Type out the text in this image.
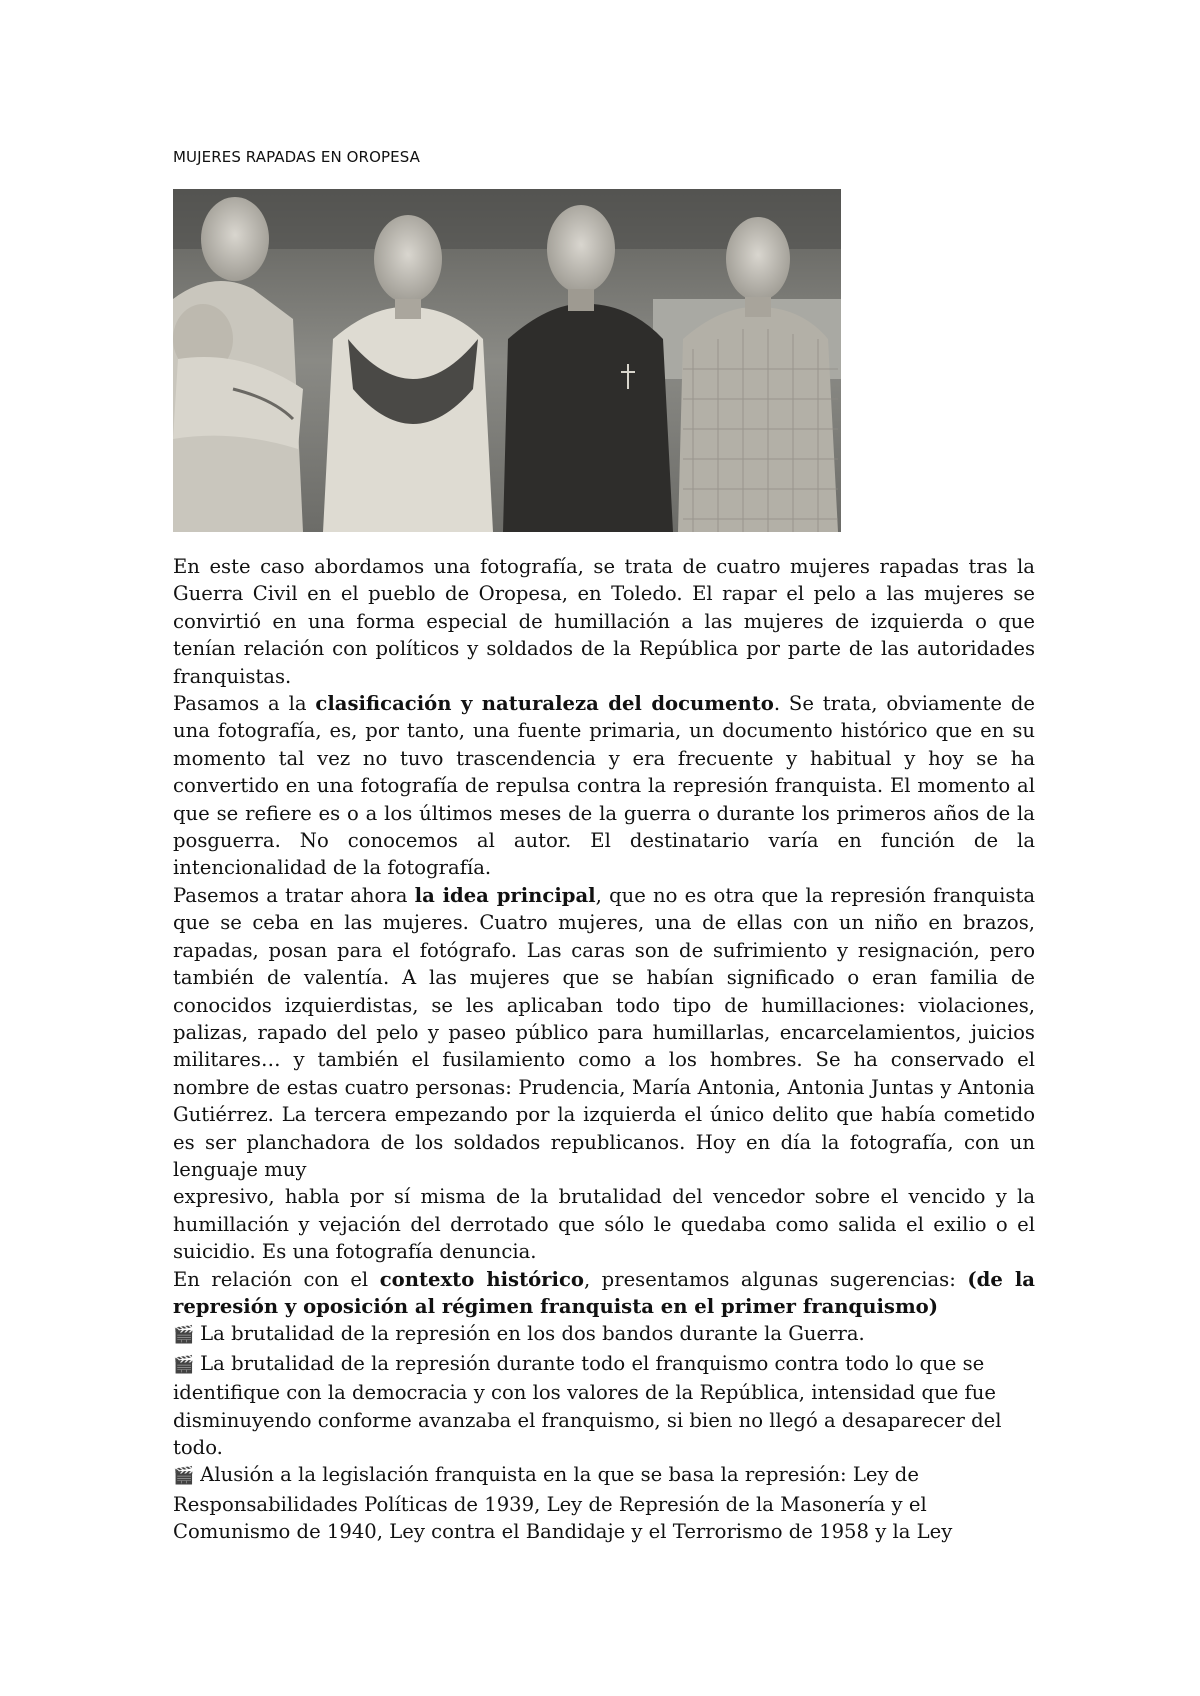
MUJERES RAPADAS EN OROPESA

En este caso abordamos una fotografía, se trata de cuatro mujeres rapadas tras la Guerra Civil en el pueblo de Oropesa, en Toledo. El rapar el pelo a las mujeres se convirtió en una forma especial de humillación a las mujeres de izquierda o que tenían relación con políticos y soldados de la República por parte de las autoridades franquistas.

Pasamos a la clasificación y naturaleza del documento. Se trata, obviamente de una fotografía, es, por tanto, una fuente primaria, un documento histórico que en su momento tal vez no tuvo trascendencia y era frecuente y habitual y hoy se ha convertido en una fotografía de repulsa contra la represión franquista. El momento al que se refiere es o a los últimos meses de la guerra o durante los primeros años de la posguerra. No conocemos al autor. El destinatario varía en función de la intencionalidad de la fotografía.

Pasemos a tratar ahora la idea principal, que no es otra que la represión franquista que se ceba en las mujeres. Cuatro mujeres, una de ellas con un niño en brazos, rapadas, posan para el fotógrafo. Las caras son de sufrimiento y resignación, pero también de valentía. A las mujeres que se habían significado o eran familia de conocidos izquierdistas, se les aplicaban todo tipo de humillaciones: violaciones, palizas, rapado del pelo y paseo público para humillarlas, encarcelamientos, juicios militares… y también el fusilamiento como a los hombres. Se ha conservado el nombre de estas cuatro personas: Prudencia, María Antonia, Antonia Juntas y Antonia Gutiérrez. La tercera empezando por la izquierda el único delito que había cometido es ser planchadora de los soldados republicanos. Hoy en día la fotografía, con un lenguaje muy

expresivo, habla por sí misma de la brutalidad del vencedor sobre el vencido y la humillación y vejación del derrotado que sólo le quedaba como salida el exilio o el suicidio. Es una fotografía denuncia.

En relación con el contexto histórico, presentamos algunas sugerencias: (de la represión y oposición al régimen franquista en el primer franquismo)

🎬 La brutalidad de la represión en los dos bandos durante la Guerra.

🎬 La brutalidad de la represión durante todo el franquismo contra todo lo que se identifique con la democracia y con los valores de la República, intensidad que fue disminuyendo conforme avanzaba el franquismo, si bien no llegó a desaparecer del todo.

🎬 Alusión a la legislación franquista en la que se basa la represión: Ley de Responsabilidades Políticas de 1939, Ley de Represión de la Masonería y el Comunismo de 1940, Ley contra el Bandidaje y el Terrorismo de 1958 y la Ley
